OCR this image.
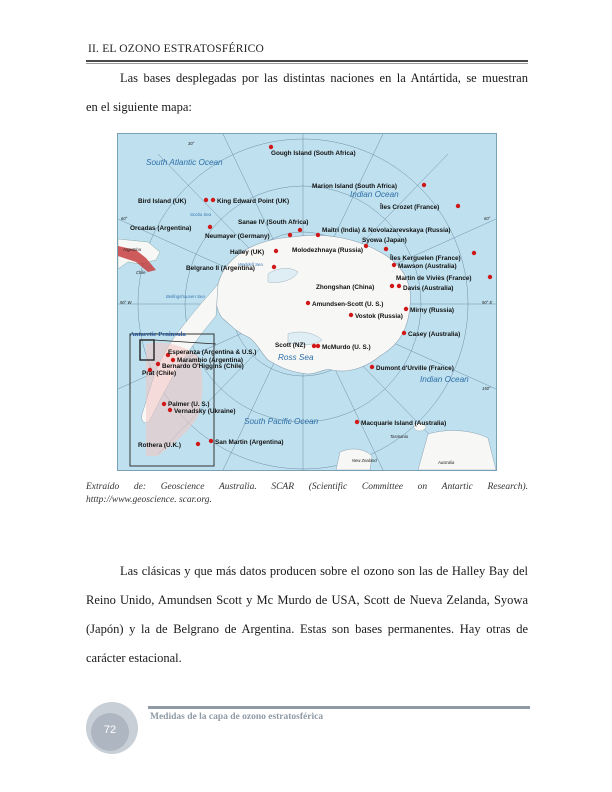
II. EL OZONO ESTRATOSFÉRICO
Las bases desplegadas por las distintas naciones en la Antártida, se muestran
en el siguiente mapa:
South Atlantic Ocean
Indian Ocean
Indian Ocean
South Pacific Ocean
Ross Sea
Argentina
Chile
Bellingshausen Sea
Scotia Sea
Weddell Sea
Antarctic Peninsula
New Zealand	Australia
Tasmania
30°
90° W	90° E
60°	60°
150°
Gough Island (South Africa)
Marion Island (South Africa)
Îles Crozet (France)
Bird Island (UK)	King Edward Point (UK)
Sanae IV (South Africa)
Orcadas (Argentina)	Maitri (India) & Novolazarevskaya (Russia)
Neumayer (Germany)
Syowa (Japan)
Halley (UK)	Molodezhnaya (Russia)
Îles Kerguelen (France)
Mawson (Australia)
Belgrano II (Argentina)
Martin de Viviès (France)
Zhongshan (China)	Davis (Australia)
Amundsen-Scott (U. S.)
Mirny (Russia)
Vostok (Russia)
Casey (Australia)
Scott (NZ)	McMurdo (U. S.)
Esperanza (Argentina & U.S.)
Marambio (Argentina)
Bernardo O'Higgins (Chile)
Prat (Chile)
Dumont d'Urville (France)
Palmer (U. S.)
Vernadsky (Ukraine)
Macquarie Island (Australia)
Rothera (U.K.)	San Martin (Argentina)
Extraído de: Geoscience Australia. SCAR (Scientific Committee on Antartic Research).
htttp://www.geoscience. scar.org.
Las clásicas y que más datos producen sobre el ozono son las de Halley Bay del
Reino Unido, Amundsen Scott y Mc Murdo de USA, Scott de Nueva Zelanda, Syowa
(Japón) y la de Belgrano de Argentina. Estas son bases permanentes. Hay otras de
carácter estacional.
72
Medidas de la capa de ozono estratosférica
